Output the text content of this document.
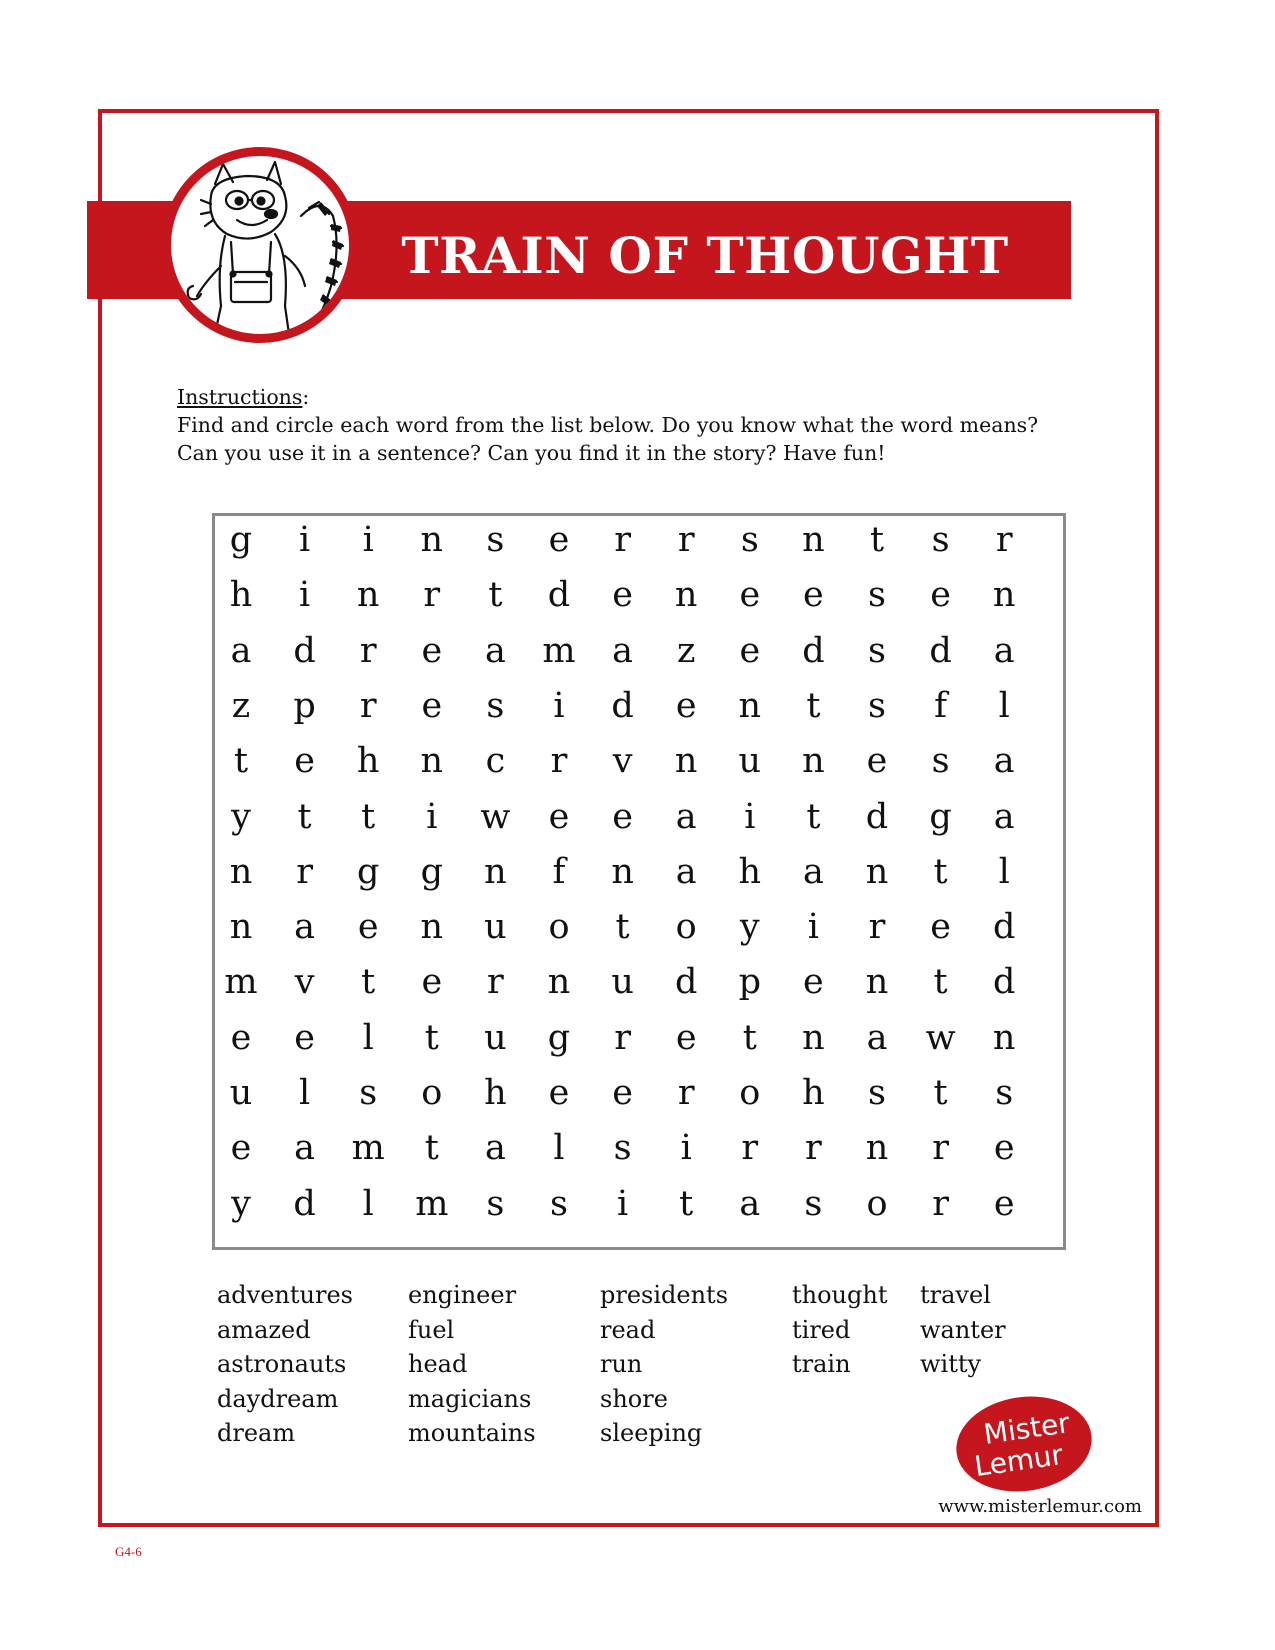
TRAIN OF THOUGHT
Instructions:
Find and circle each word from the list below. Do you know what the word means?
Can you use it in a sentence? Can you find it in the story? Have fun!
g	i	i	n	s	e	r	r	s	n	t	s	r
h	i	n	r	t	d	e	n	e	e	s	e	n
a	d	r	e	a	m	a	z	e	d	s	d	a
z	p	r	e	s	i	d	e	n	t	s	f	l
t	e	h	n	c	r	v	n	u	n	e	s	a
y	t	t	i	w	e	e	a	i	t	d	g	a
n	r	g	g	n	f	n	a	h	a	n	t	l
n	a	e	n	u	o	t	o	y	i	r	e	d
m	v	t	e	r	n	u	d	p	e	n	t	d
e	e	l	t	u	g	r	e	t	n	a	w	n
u	l	s	o	h	e	e	r	o	h	s	t	s
e	a	m	t	a	l	s	i	r	r	n	r	e
y	d	l	m	s	s	i	t	a	s	o	r	e
adventures
amazed
astronauts
daydream
dream
engineer
fuel
head
magicians
mountains
presidents
read
run
shore
sleeping
thought
tired
train
travel
wanter
witty
Mister
Lemur
www.misterlemur.com
G4-6
